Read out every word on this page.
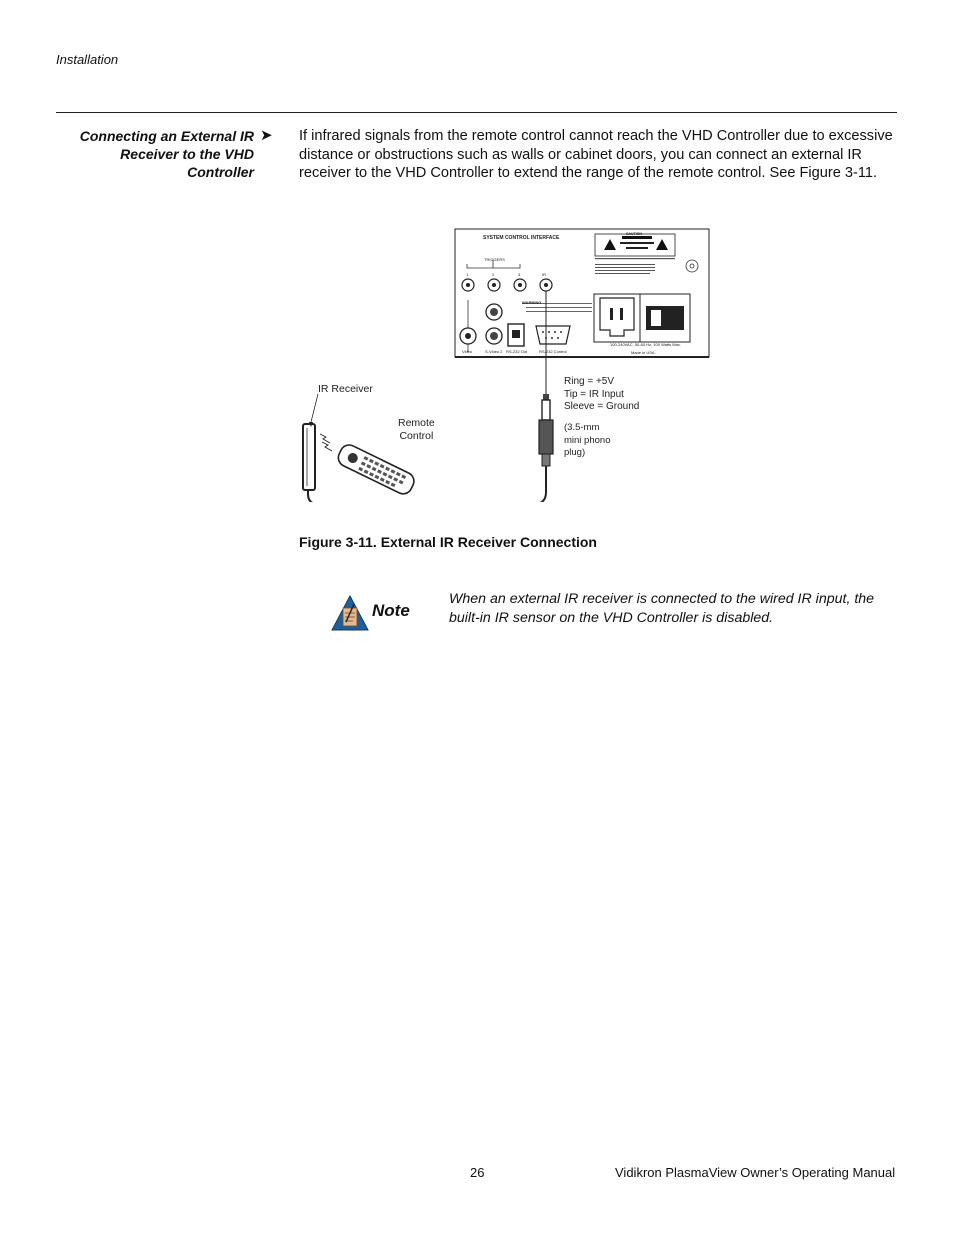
Installation
Connecting an External IR Receiver to the VHD Controller
➤ If infrared signals from the remote control cannot reach the VHD Controller due to excessive distance or obstructions such as walls or cabinet doors, you can connect an external IR receiver to the VHD Controller to extend the range of the remote control. See Figure 3-11.
SYSTEM CONTROL INTERFACE
TRIGGERS
1	2	3	IR
WARNING
CAUTION
Video	S-Video 2 RS-232 Out	RS-232 Control
100-240VAC, 50-60 Hz, 100 Watts Max.
Made in USA
IR Receiver
Remote
Control
Ring = +5V
Tip = IR Input
Sleeve = Ground
(3.5-mm
mini phono
plug)
Figure 3-11. External IR Receiver Connection
Note
When an external IR receiver is connected to the wired IR input, the built-in IR sensor on the VHD Controller is disabled.
26	Vidikron PlasmaView Owner’s Operating Manual
